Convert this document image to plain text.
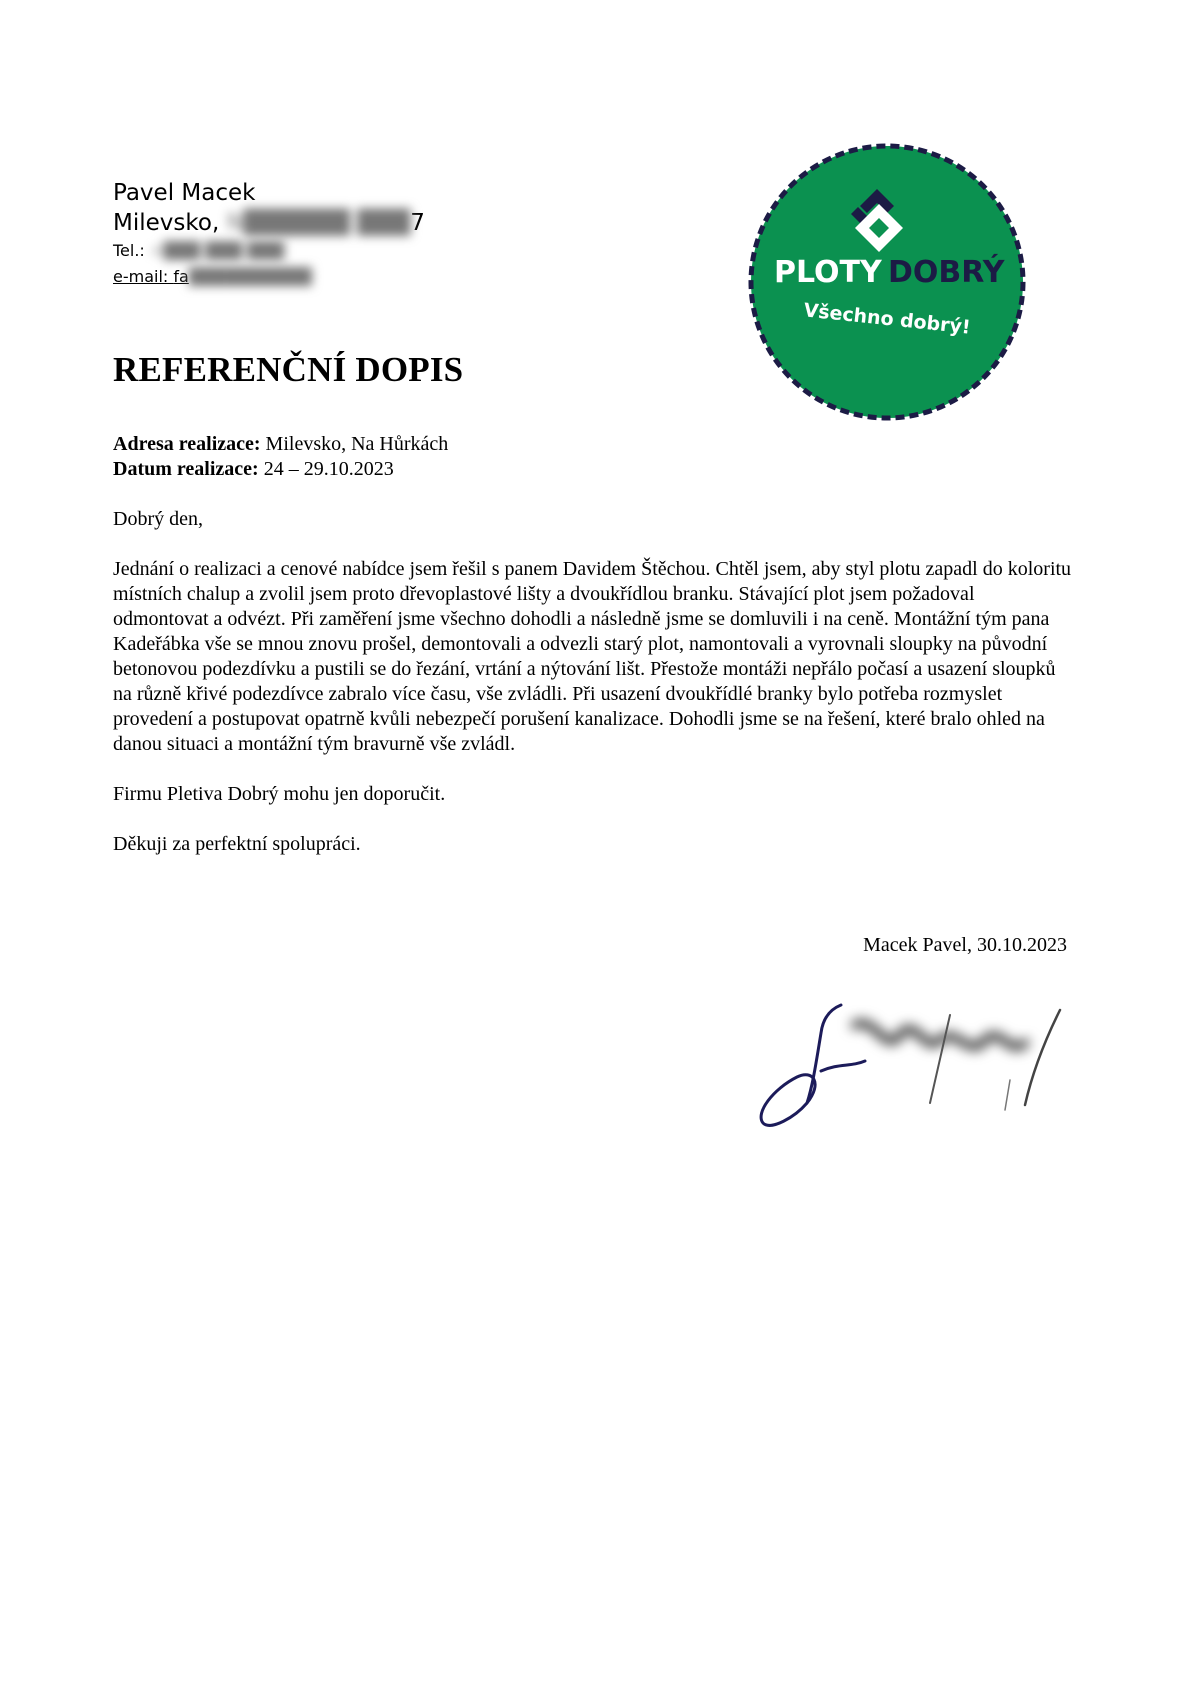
Pavel Macek
Milevsko, N██████ ███7
Tel.: +███ ███ ███
e-mail: fa██████████	PLOTY DOBRÝ
Všechno dobrý!
REFERENČNÍ DOPIS

Adresa realizace: Milevsko, Na Hůrkách

Datum realizace: 24 – 29.10.2023

Dobrý den,

Jednání o realizaci a cenové nabídce jsem řešil s panem Davidem Štěchou. Chtěl jsem, aby styl plotu zapadl do koloritu místních chalup a zvolil jsem proto dřevoplastové lišty a dvoukřídlou branku. Stávající plot jsem požadoval odmontovat a odvézt. Při zaměření jsme všechno dohodli a následně jsme se domluvili i na ceně. Montážní tým pana Kadeřábka vše se mnou znovu prošel, demontovali a odvezli starý plot, namontovali a vyrovnali sloupky na původní betonovou podezdívku a pustili se do řezání, vrtání a nýtování lišt. Přestože montáži nepřálo počasí a usazení sloupků na různě křivé podezdívce zabralo více času, vše zvládli. Při usazení dvoukřídlé branky bylo potřeba rozmyslet provedení a postupovat opatrně kvůli nebezpečí porušení kanalizace. Dohodli jsme se na řešení, které bralo ohled na danou situaci a montážní tým bravurně vše zvládl.

Firmu Pletiva Dobrý mohu jen doporučit.

Děkuji za perfektní spolupráci.

Macek Pavel, 30.10.2023
